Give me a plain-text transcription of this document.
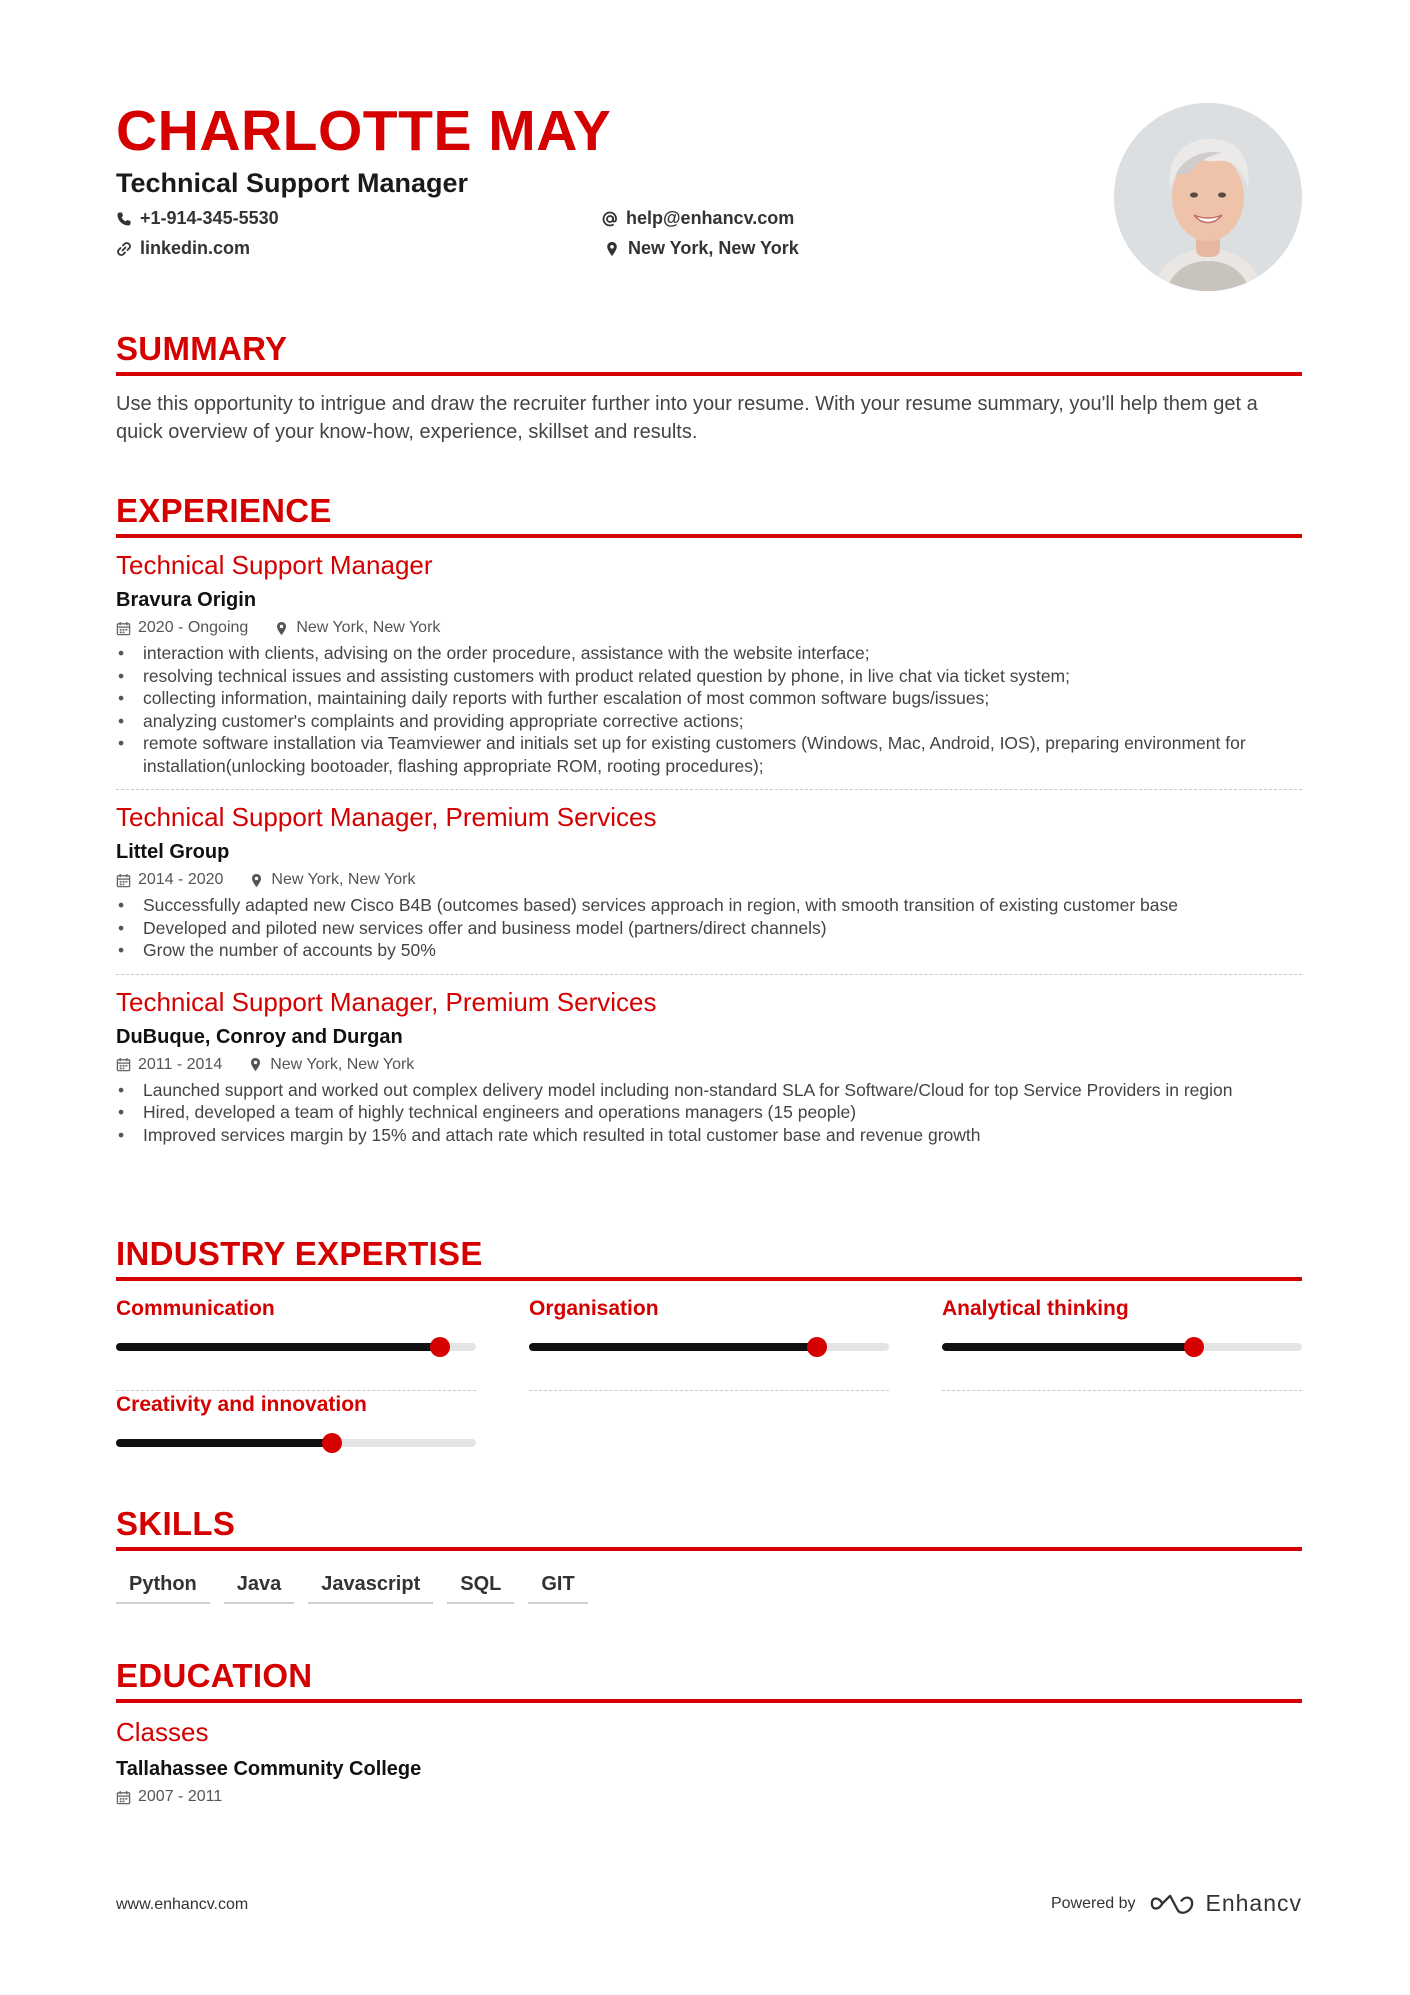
CHARLOTTE MAY
Technical Support Manager
+1-914-345-5530	help@enhancv.com
linkedin.com	New York, New York
SUMMARY

Use this opportunity to intrigue and draw the recruiter further into your resume. With your resume summary, you'll help them get a quick overview of your know-how, experience, skillset and results.

EXPERIENCE
Technical Support Manager
Bravura Origin
2020 - Ongoing	New York, New York
• interaction with clients, advising on the order procedure, assistance with the website interface;
• resolving technical issues and assisting customers with product related question by phone, in live chat via ticket system;
• collecting information, maintaining daily reports with further escalation of most common software bugs/issues;
• analyzing customer's complaints and providing appropriate corrective actions;
• remote software installation via Teamviewer and initials set up for existing customers (Windows, Mac, Android, IOS), preparing environment for installation(unlocking bootoader, flashing appropriate ROM, rooting procedures);
Technical Support Manager, Premium Services
Littel Group
2014 - 2020	New York, New York
• Successfully adapted new Cisco B4B (outcomes based) services approach in region, with smooth transition of existing customer base
• Developed and piloted new services offer and business model (partners/direct channels)
• Grow the number of accounts by 50%
Technical Support Manager, Premium Services
DuBuque, Conroy and Durgan
2011 - 2014	New York, New York
• Launched support and worked out complex delivery model including non-standard SLA for Software/Cloud for top Service Providers in region
• Hired, developed a team of highly technical engineers and operations managers (15 people)
• Improved services margin by 15% and attach rate which resulted in total customer base and revenue growth
INDUSTRY EXPERTISE
Communication	Organisation	Analytical thinking
Creativity and innovation
SKILLS
Python	Java	Javascript	SQL	GIT
EDUCATION
Classes
Tallahassee Community College
2007 - 2011
www.enhancv.com	Powered by	Enhancv
